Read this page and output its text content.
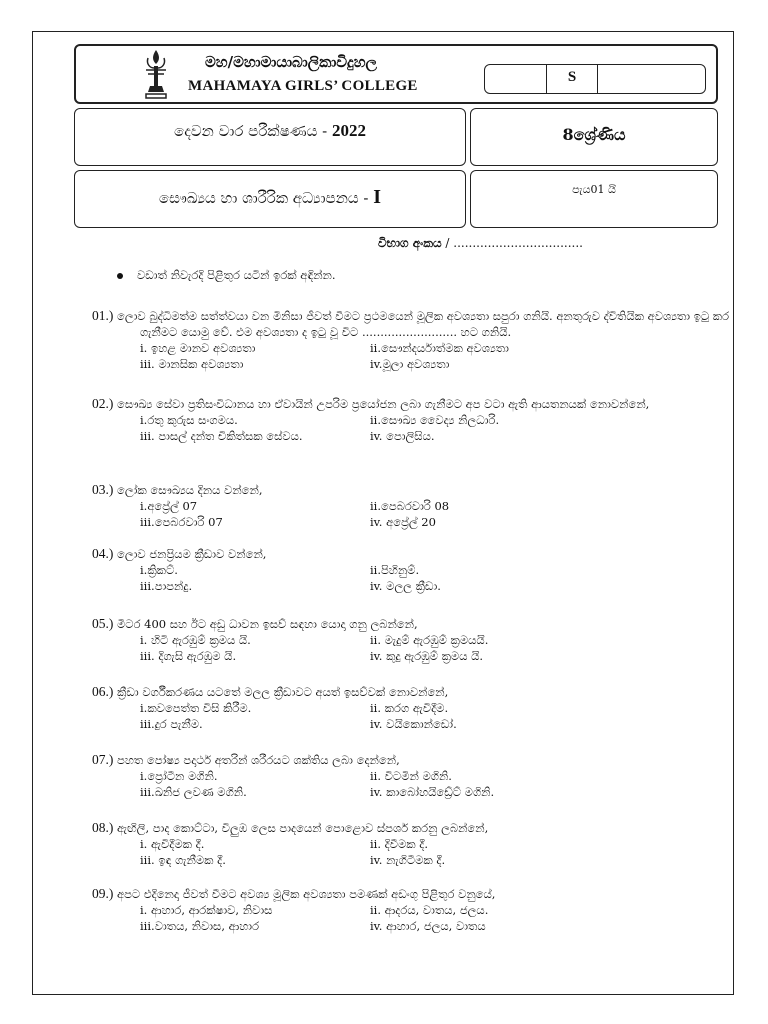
මහ/මහාමායාබාලිකාවිදුහල
MAHAMAYA GIRLS’ COLLEGE
S
දෙවන වාර පරීක්ෂණය - 2022	8ශ්‍රේණිය
සෞඛ්‍යය හා ශාරීරික අධ්‍යාපනය - I	පැය01 යි
විභාග අංකය / ..................................
වඩාත් නිවැරදි පිළිතුර යටින් ඉරක් අඳින්න.
01.) ලොව බුද්ධිමත්ම සත්ත්වයා වන මිනිසා ජීවත් වීමට ප්‍රථමයෙන් මූලික අවශ්‍යතා සපුරා ගනියි. අනතුරුව ද්විතියික අවශ්‍යතා ඉටු කර ගැනීමට යොමු වේ. එම අවශ්‍යතා ද ඉටු වූ විට .......................... හට ගනියි.
i. ඉහළ මානව අවශ්‍යතා	ii.සෞන්දර්යාත්මක අවශ්‍යතා
iii. මානසික අවශ්‍යතා	iv.මූලා අවශ්‍යතා
02.) සෞඛ්‍ය සේවා ප්‍රතිසංවිධානය හා ඒවායින් උපරිම ප්‍රයෝජන ලබා ගැනීමට අප වටා ඇති ආයතනයක් නොවන්නේ,
i.රතු කුරුස සංගමය.	ii.සෞඛ්‍ය වෛද්‍ය නිලධාරි.
iii. පාසල් දන්ත චිකිත්සක සේවය.	iv. පොලිසිය.
03.) ලෝක සෞඛ්‍යය දිනය වන්නේ,
i.අප්‍රේල් 07	ii.පෙබරවාරි 08
iii.පෙබරවාරි 07	iv. අප්‍රේල් 20
04.) ලොව ජනප්‍රියම ක්‍රීඩාව වන්නේ,
i.ක්‍රිකට්.	ii.පිහිනුම්.
iii.පාපන්දු.	iv. මලල ක්‍රීඩා.
05.) මීටර 400 සහ ඊට අඩු ධාවන ඉසව් සඳහා යොදා ගනු ලබන්නේ,
i. හිටි ඇරඹුම් ක්‍රමය යි.	ii. මැදුම් ඇරඹුම් ක්‍රමයයි.
iii. දිගැසි ඇරඹුම යි.	iv. කුදු ඇරඹුම් ක්‍රමය යි.
06.) ක්‍රීඩා වර්ගීකරණය යටතේ මලල ක්‍රීඩාවට අයත් ඉසව්වක් නොවන්නේ,
i.කවපෙත්ත විසි කිරීම.	ii. කරග ඇවිදීම.
iii.දුර පැනීම.	iv. වයිකොන්ඩෝ.
07.) පහත පෝෂ්‍ය පදාර්ථ අතරින් ශරීරයට ශක්තිය ලබා දෙන්නේ,
i.ප්‍රෝටීන මගිනි.	ii. විටමින් මගිනි.
iii.ඛනිජ ලවණ මගිනි.	iv. කාබෝහයිඩ්‍රේට් මගිනි.
08.) ඇඟිලි, පාද කොට්ටා, විලුඹ ලෙස පාදයෙන් පොළොව ස්පර්ශ කරනු ලබන්නේ,
i. ඇවිදීමක දී.	ii. දිවීමක දී.
iii. ඉඳ ගැනීමක දී.	iv. නැගිටීමක දී.
09.) අපට එදිනෙදා ජීවත් වීමට අවශ්‍ය මූලික අවශ්‍යතා පමණක් අඩංගු පිළිතුර වනුයේ,
i. ආහාර, ආරක්ෂාව, නිවාස	ii. ආදරය, වාතය, ජලය.
iii.වාතය, නිවාස, ආහාර	iv. ආහාර, ජලය, වාතය
